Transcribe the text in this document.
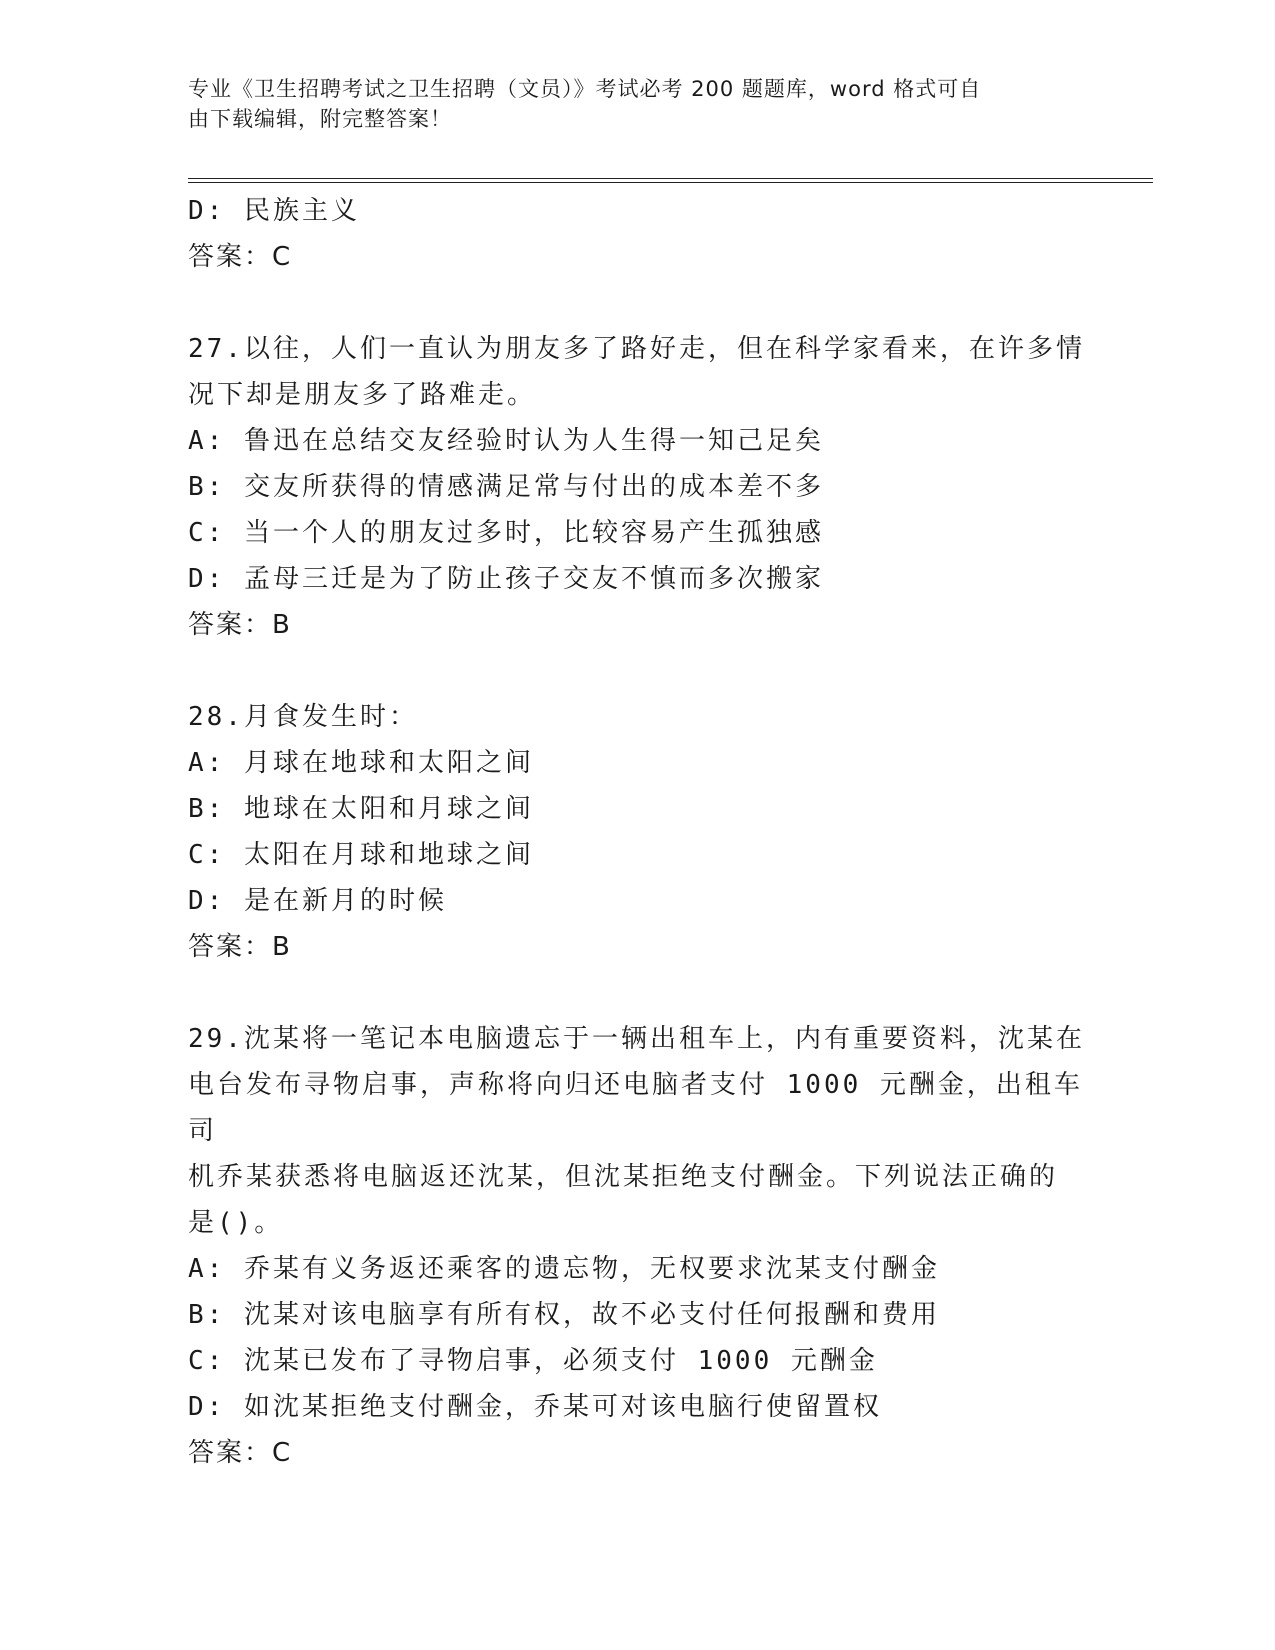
专业《卫生招聘考试之卫生招聘（文员）》考试必考 200 题题库，word 格式可自
由下载编辑，附完整答案！
D: 民族主义
答案：C
27.以往，人们一直认为朋友多了路好走，但在科学家看来，在许多情
况下却是朋友多了路难走。
A: 鲁迅在总结交友经验时认为人生得一知己足矣
B: 交友所获得的情感满足常与付出的成本差不多
C: 当一个人的朋友过多时，比较容易产生孤独感
D: 孟母三迁是为了防止孩子交友不慎而多次搬家
答案：B
28.月食发生时：
A: 月球在地球和太阳之间
B: 地球在太阳和月球之间
C: 太阳在月球和地球之间
D: 是在新月的时候
答案：B
29.沈某将一笔记本电脑遗忘于一辆出租车上，内有重要资料，沈某在
电台发布寻物启事，声称将向归还电脑者支付 1000 元酬金，出租车司
机乔某获悉将电脑返还沈某，但沈某拒绝支付酬金。下列说法正确的
是()。
A: 乔某有义务返还乘客的遗忘物，无权要求沈某支付酬金
B: 沈某对该电脑享有所有权，故不必支付任何报酬和费用
C: 沈某已发布了寻物启事，必须支付 1000 元酬金
D: 如沈某拒绝支付酬金，乔某可对该电脑行使留置权
答案：C
